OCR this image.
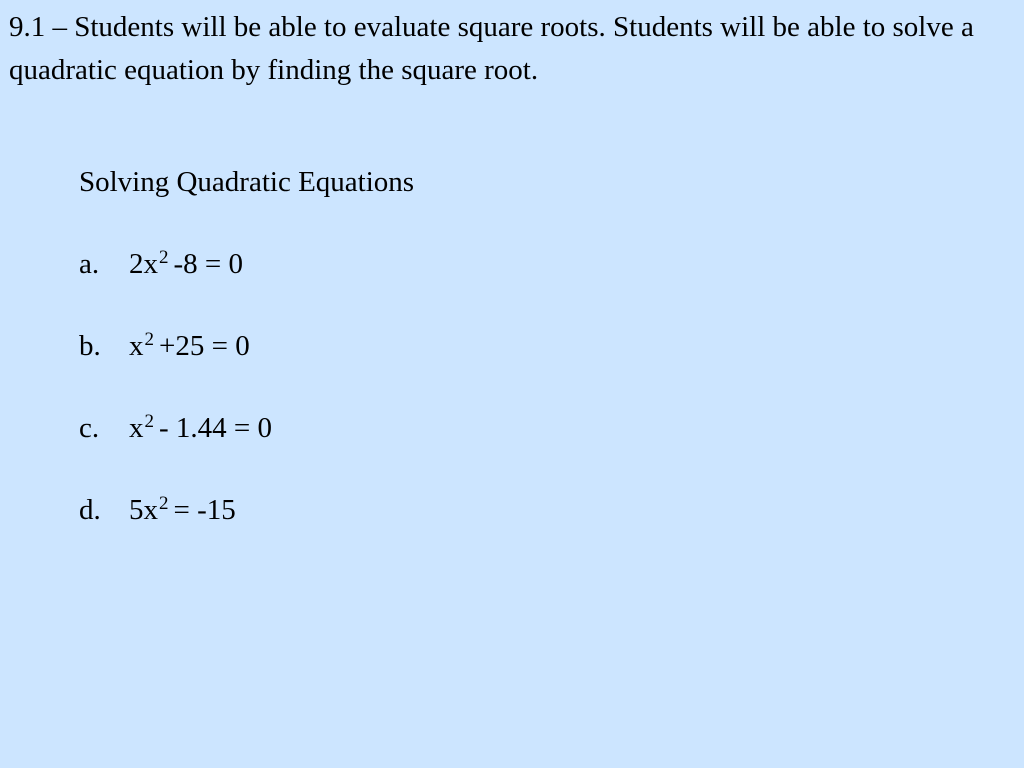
9.1 – Students will be able to evaluate square roots. Students will be able to solve a quadratic equation by finding the square root.

Solving Quadratic Equations

a.	$2x^2$ -8 = 0
b. $x^2 +25 = 0$
c.	$x^2 - 1.44 = 0$
d. $5x^2 = -15$
